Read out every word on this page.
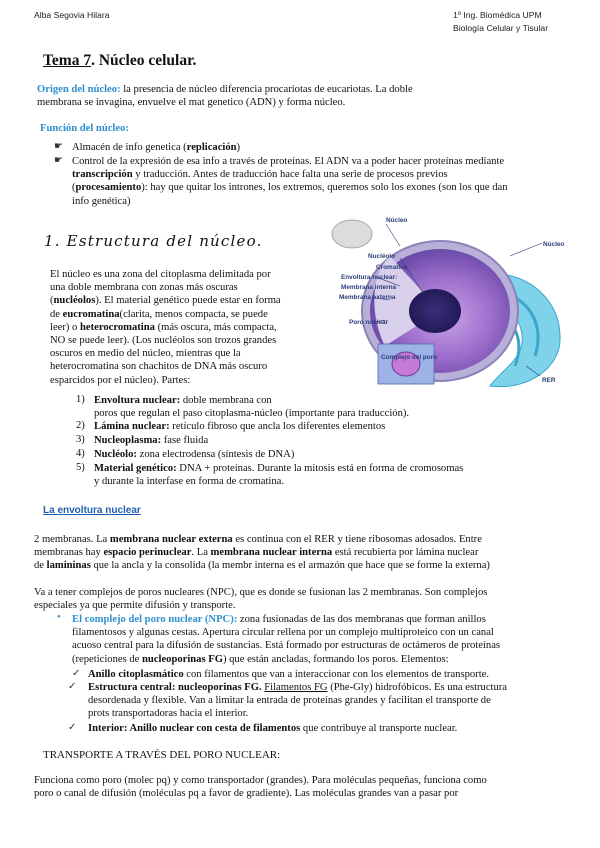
Alba Segovia Hilara	1º Ing. Biomédica UPM
Biología Celular y Tisular
Tema 7. Núcleo celular.
Origen del núcleo: la presencia de núcleo diferencia procariotas de eucariotas. La doble
membrana se invagina, envuelve el mat genetico (ADN) y forma núcleo.
Función del núcleo:
☛ Almacén de info genetica (replicación)
☛ Control de la expresión de esa info a través de proteínas. El ADN va a poder hacer proteínas mediante
transcripción y traducción. Antes de traducción hace falta una serie de procesos previos
(procesamiento): hay que quitar los intrones, los extremos, queremos solo los exones (son los que dan
info genética)
1. Estructura del núcleo.
Núcleo
Núcleo
Nucléolo
Cromatina
Envoltura nuclear:
Membrana interna
Membrana externa
Poro nuclear
Complejo del poro
RER
El núcleo es una zona del citoplasma delimitada por
una doble membrana con zonas más oscuras
(nucléolos). El material genético puede estar en forma
de eucromatina(clarita, menos compacta, se puede
leer) o heterocromatina (más oscura, más compacta,
NO se puede leer). (Los nucléolos son trozos grandes
oscuros en medio del núcleo, mientras que la
heterocromatina son chachitos de DNA más oscuro
esparcidos por el núcleo). Partes:
1) Envoltura nuclear: doble membrana con
poros que regulan el paso citoplasma-núcleo (importante para traducción).
2) Lámina nuclear: retículo fibroso que ancla los diferentes elementos
3) Nucleoplasma: fase fluida
4) Nucléolo: zona electrodensa (síntesis de DNA)
5) Material genético: DNA + proteínas. Durante la mitosis está en forma de cromosomas
y durante la interfase en forma de cromatina.
La envoltura nuclear
2 membranas. La membrana nuclear externa es continua con el RER y tiene ribosomas adosados. Entre
membranas hay espacio perinuclear. La membrana nuclear interna está recubierta por lámina nuclear
de lamininas que la ancla y la consolida (la membr interna es el armazón que hace que se forme la externa)
Va a tener complejos de poros nucleares (NPC), que es donde se fusionan las 2 membranas. Son complejos
especiales ya que permite difusión y transporte.
• El complejo del poro nuclear (NPC): zona fusionadas de las dos membranas que forman anillos
filamentosos y algunas cestas. Apertura circular rellena por un complejo multiproteico con un canal
acuoso central para la difusión de sustancias. Está formado por estructuras de octámeros de proteínas
(repeticiones de nucleoporinas FG) que están ancladas, formando los poros. Elementos:
✓ Anillo citoplasmático con filamentos que van a interaccionar con los elementos de transporte.
✓ Estructura central: nucleoporinas FG. Filamentos FG (Phe-Gly) hidrofóbicos. Es una estructura
desordenada y flexible. Van a limitar la entrada de proteínas grandes y facilitan el transporte de
prots transportadoras hacia el interior.
✓ Interior: Anillo nuclear con cesta de filamentos que contribuye al transporte nuclear.
TRANSPORTE A TRAVÉS DEL PORO NUCLEAR:
Funciona como poro (molec pq) y como transportador (grandes). Para moléculas pequeñas, funciona como
poro o canal de difusión (moléculas pq a favor de gradiente). Las moléculas grandes van a pasar por
